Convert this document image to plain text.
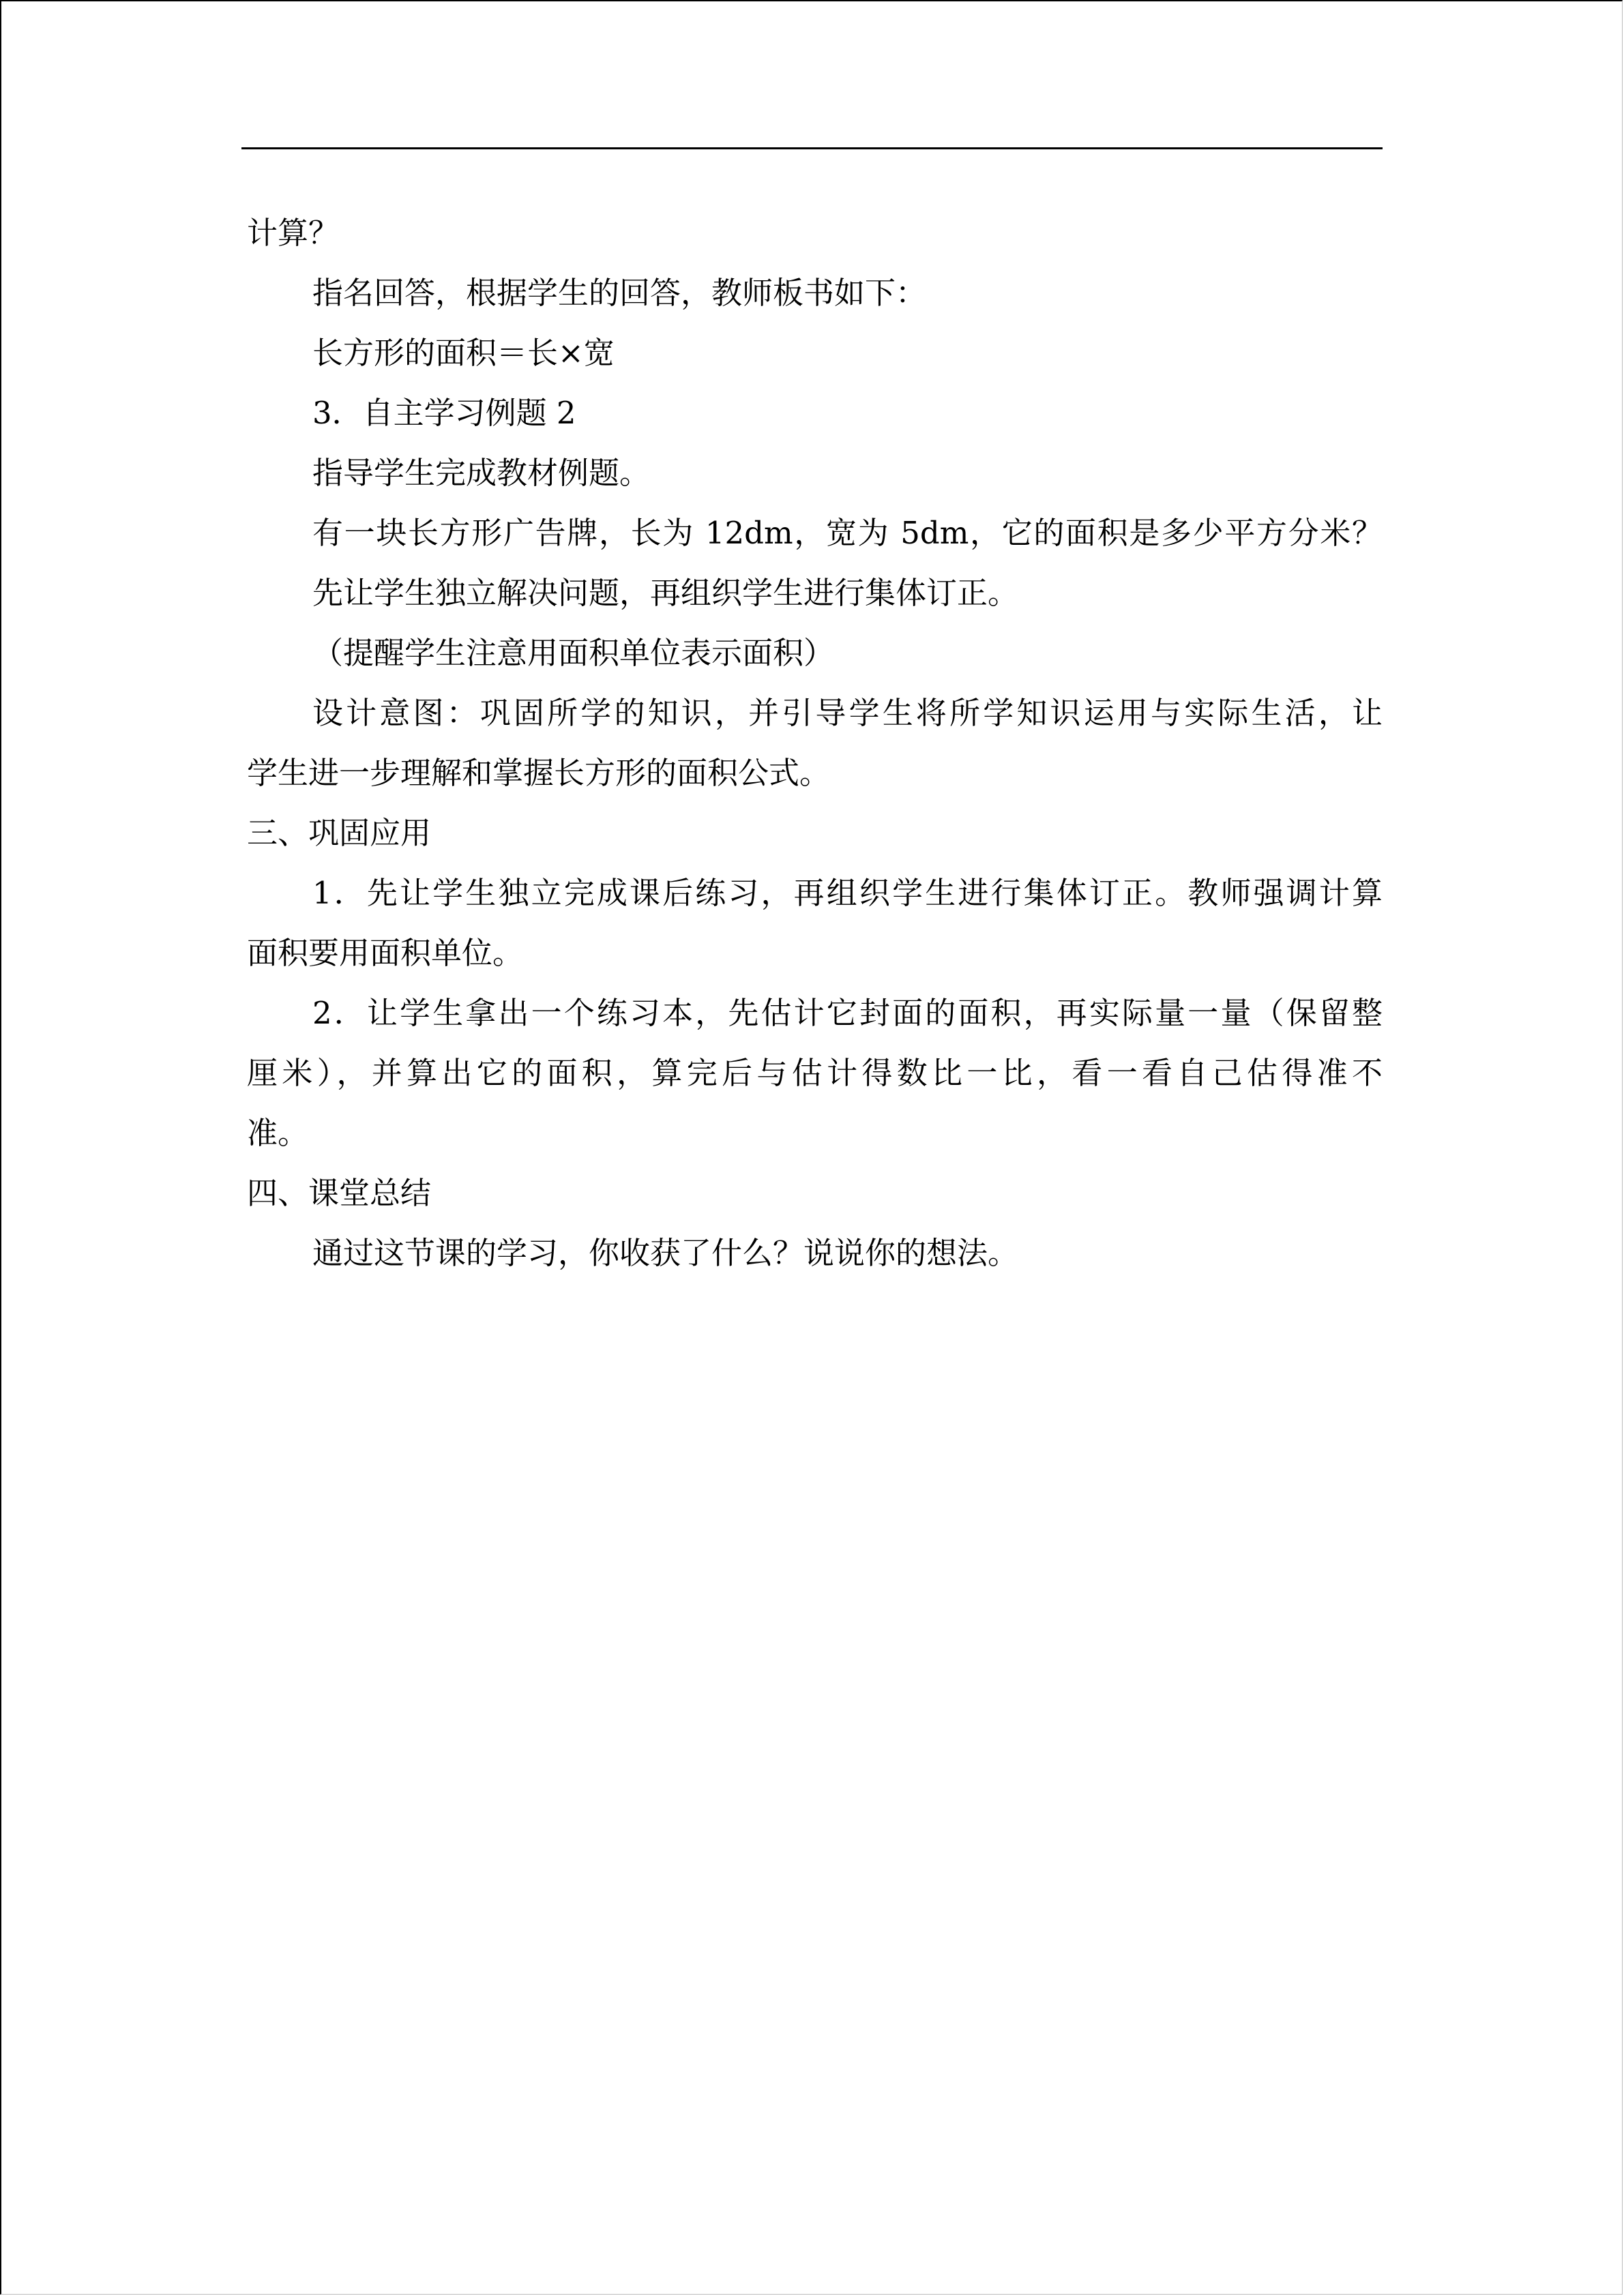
计算？
指名回答，根据学生的回答，教师板书如下：
长方形的面积＝长×宽
3．自主学习例题 2
指导学生完成教材例题。
有一块长方形广告牌，长为 12dm，宽为 5dm，它的面积是多少平方分米？
先让学生独立解决问题，再组织学生进行集体订正。
（提醒学生注意用面积单位表示面积）
设计意图：巩固所学的知识，并引导学生将所学知识运用与实际生活，让
学生进一步理解和掌握长方形的面积公式。
三、巩固应用
1．先让学生独立完成课后练习，再组织学生进行集体订正。教师强调计算
面积要用面积单位。
2．让学生拿出一个练习本，先估计它封面的面积，再实际量一量（保留整
厘米），并算出它的面积，算完后与估计得数比一比，看一看自己估得准不
准。
四、课堂总结
通过这节课的学习，你收获了什么？说说你的想法。
